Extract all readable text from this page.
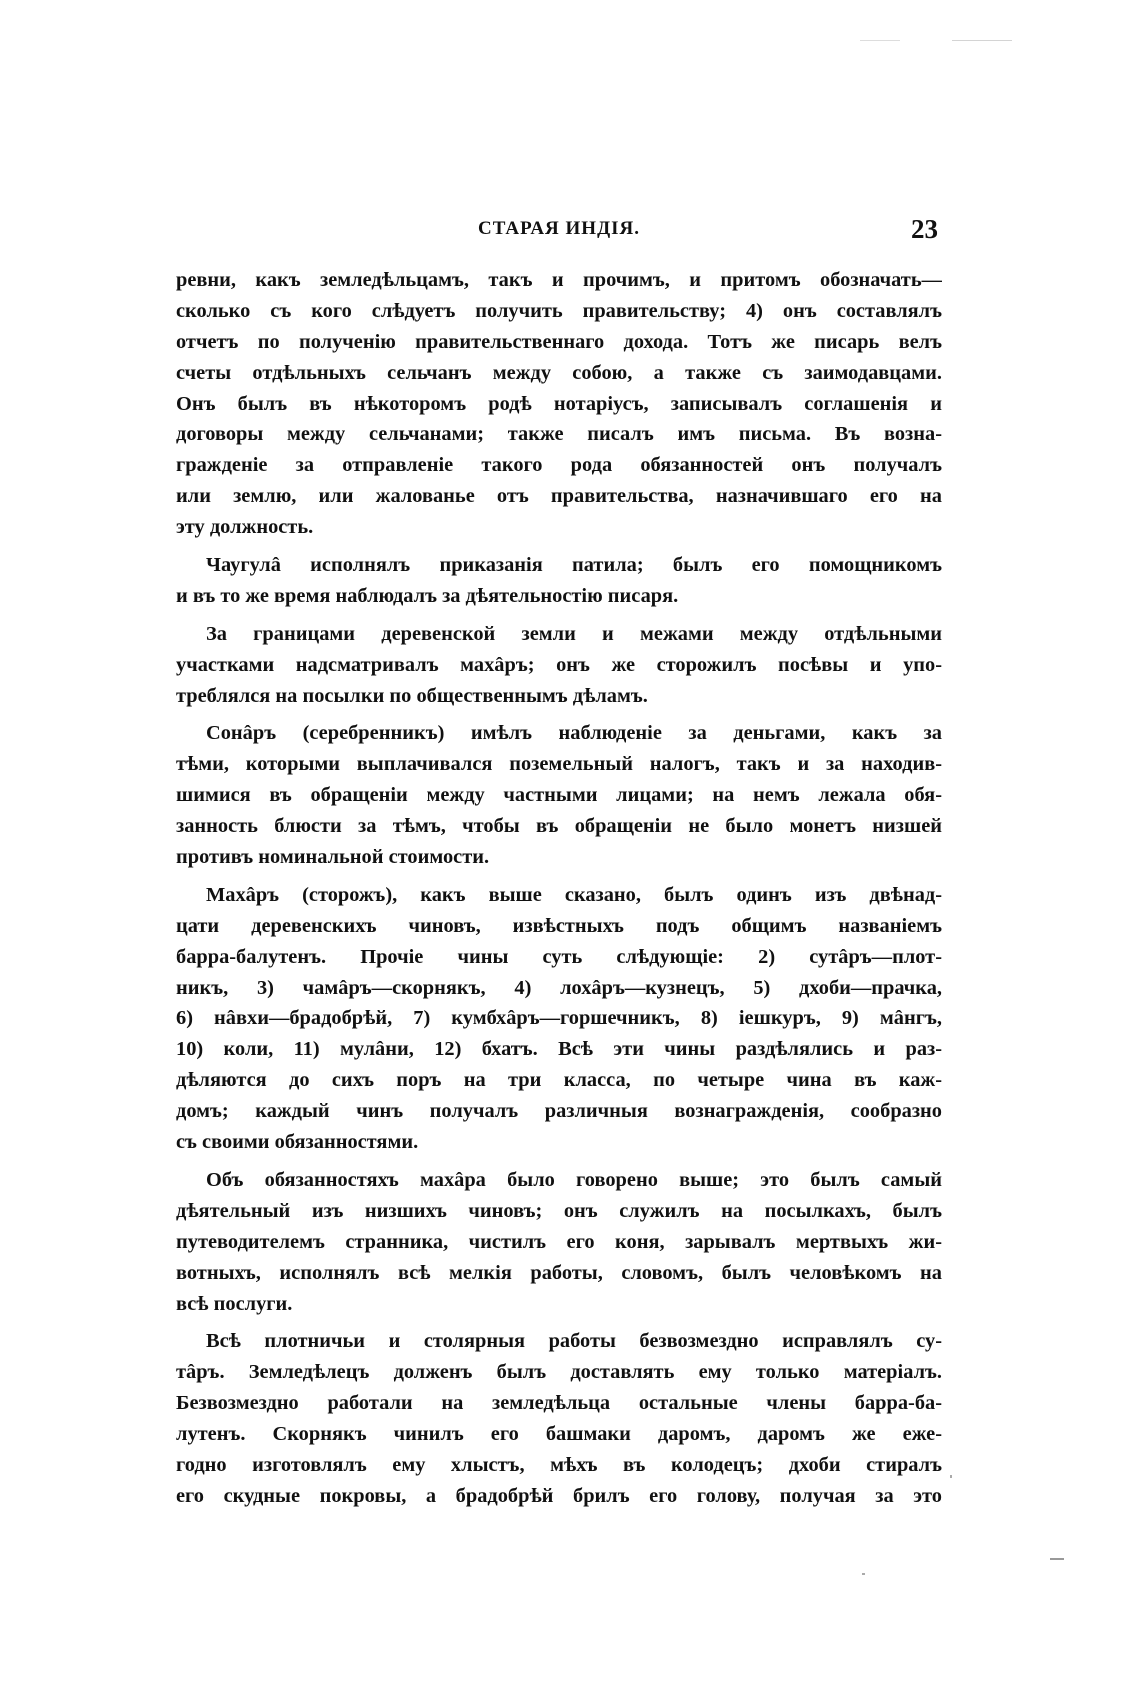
СТАРАЯ ИНДІЯ.	23
ревни, какъ земледѣльцамъ, такъ и прочимъ, и притомъ обозначать—
сколько съ кого слѣдуетъ получить правительству; 4) онъ составлялъ
отчетъ по полученію правительственнаго дохода. Тотъ же писарь велъ
счеты отдѣльныхъ сельчанъ между собою, а также съ заимодавцами.
Онъ былъ въ нѣкоторомъ родѣ нотаріусъ, записывалъ соглашенія и
договоры между сельчанами; также писалъ имъ письма. Въ возна-
гражденіе за отправленіе такого рода обязанностей онъ получалъ
или землю, или жалованье отъ правительства, назначившаго его на
эту должность.
Чаугулâ исполнялъ приказанія патила; былъ его помощникомъ
и въ то же время наблюдалъ за дѣятельностію писаря.
За границами деревенской земли и межами между отдѣльными
участками надсматривалъ махâръ; онъ же сторожилъ посѣвы и упо-
треблялся на посылки по общественнымъ дѣламъ.
Сонâръ (серебренникъ) имѣлъ наблюденіе за деньгами, какъ за
тѣми, которыми выплачивался поземельный налогъ, такъ и за находив-
шимися въ обращеніи между частными лицами; на немъ лежала обя-
занность блюсти за тѣмъ, чтобы въ обращеніи не было монетъ низшей
противъ номинальной стоимости.
Махâръ (сторожъ), какъ выше сказано, былъ одинъ изъ двѣнад-
цати деревенскихъ чиновъ, извѣстныхъ подъ общимъ названіемъ
барра-балутенъ. Прочіе чины суть слѣдующіе: 2) сутâръ—плот-
никъ, 3) чамâръ—скорнякъ, 4) лохâръ—кузнецъ, 5) дхоби—прачка,
6) нâвхи—брадобрѣй, 7) кумбхâръ—горшечникъ, 8) іешкуръ, 9) мâнгъ,
10) коли, 11) мулâни, 12) бхатъ. Всѣ эти чины раздѣлялись и раз-
дѣляются до сихъ поръ на три класса, по четыре чина въ каж-
домъ; каждый чинъ получалъ различныя вознагражденія, сообразно
съ своими обязанностями.
Объ обязанностяхъ махâра было говорено выше; это былъ самый
дѣятельный изъ низшихъ чиновъ; онъ служилъ на посылкахъ, былъ
путеводителемъ странника, чистилъ его коня, зарывалъ мертвыхъ жи-
вотныхъ, исполнялъ всѣ мелкія работы, словомъ, былъ человѣкомъ на
всѣ послуги.
Всѣ плотничьи и столярныя работы безвозмездно исправлялъ су-
тâръ. Земледѣлецъ долженъ былъ доставлять ему только матеріалъ.
Безвозмездно работали на земледѣльца остальные члены барра-ба-
лутенъ. Скорнякъ чинилъ его башмаки даромъ, даромъ же еже-
годно изготовлялъ ему хлыстъ, мѣхъ въ колодецъ; дхоби стиралъ
его скудные покровы, а брадобрѣй брилъ его голову, получая за это
